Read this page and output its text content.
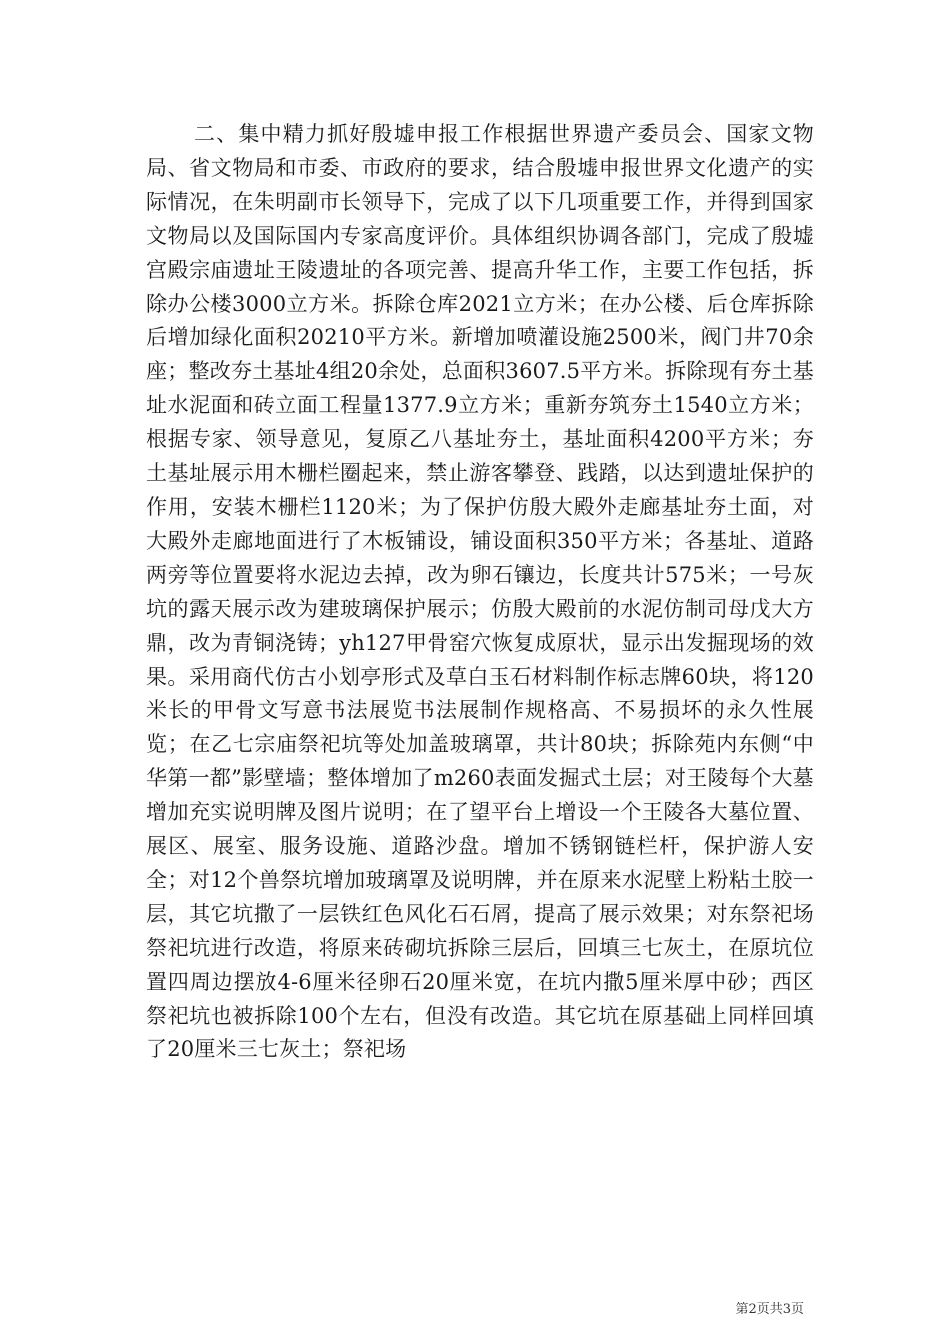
二、集中精力抓好殷墟申报工作根据世界遗产委员会、国家文物局、省文物局和市委、市政府的要求，结合殷墟申报世界文化遗产的实际情况，在朱明副市长领导下，完成了以下几项重要工作，并得到国家文物局以及国际国内专家高度评价。具体组织协调各部门，完成了殷墟宫殿宗庙遗址王陵遗址的各项完善、提高升华工作，主要工作包括，拆除办公楼3000立方米。拆除仓库2021立方米；在办公楼、后仓库拆除后增加绿化面积20210平方米。新增加喷灌设施2500米，阀门井70余座；整改夯土基址4组20余处，总面积3607.5平方米。拆除现有夯土基址水泥面和砖立面工程量1377.9立方米；重新夯筑夯土1540立方米；根据专家、领导意见，复原乙八基址夯土，基址面积4200平方米；夯土基址展示用木栅栏圈起来，禁止游客攀登、践踏，以达到遗址保护的作用，安装木栅栏1120米；为了保护仿殷大殿外走廊基址夯土面，对大殿外走廊地面进行了木板铺设，铺设面积350平方米；各基址、道路两旁等位置要将水泥边去掉，改为卵石镶边，长度共计575米；一号灰坑的露天展示改为建玻璃保护展示；仿殷大殿前的水泥仿制司母戊大方鼎，改为青铜浇铸；yh127甲骨窑穴恢复成原状，显示出发掘现场的效果。采用商代仿古小划亭形式及草白玉石材料制作标志牌60块，将120米长的甲骨文写意书法展览书法展制作规格高、不易损坏的永久性展览；在乙七宗庙祭祀坑等处加盖玻璃罩，共计80块；拆除苑内东侧“中华第一都”影壁墙；整体增加了m260表面发掘式土层；对王陵每个大墓增加充实说明牌及图片说明；在了望平台上增设一个王陵各大墓位置、展区、展室、服务设施、道路沙盘。增加不锈钢链栏杆，保护游人安全；对12个兽祭坑增加玻璃罩及说明牌，并在原来水泥壁上粉粘土胶一层，其它坑撒了一层铁红色风化石石屑，提高了展示效果；对东祭祀场祭祀坑进行改造，将原来砖砌坑拆除三层后，回填三七灰土，在原坑位置四周边摆放4-6厘米径卵石20厘米宽，在坑内撒5厘米厚中砂；西区祭祀坑也被拆除100个左右，但没有改造。其它坑在原基础上同样回填了20厘米三七灰土；祭祀场

第2页共3页
